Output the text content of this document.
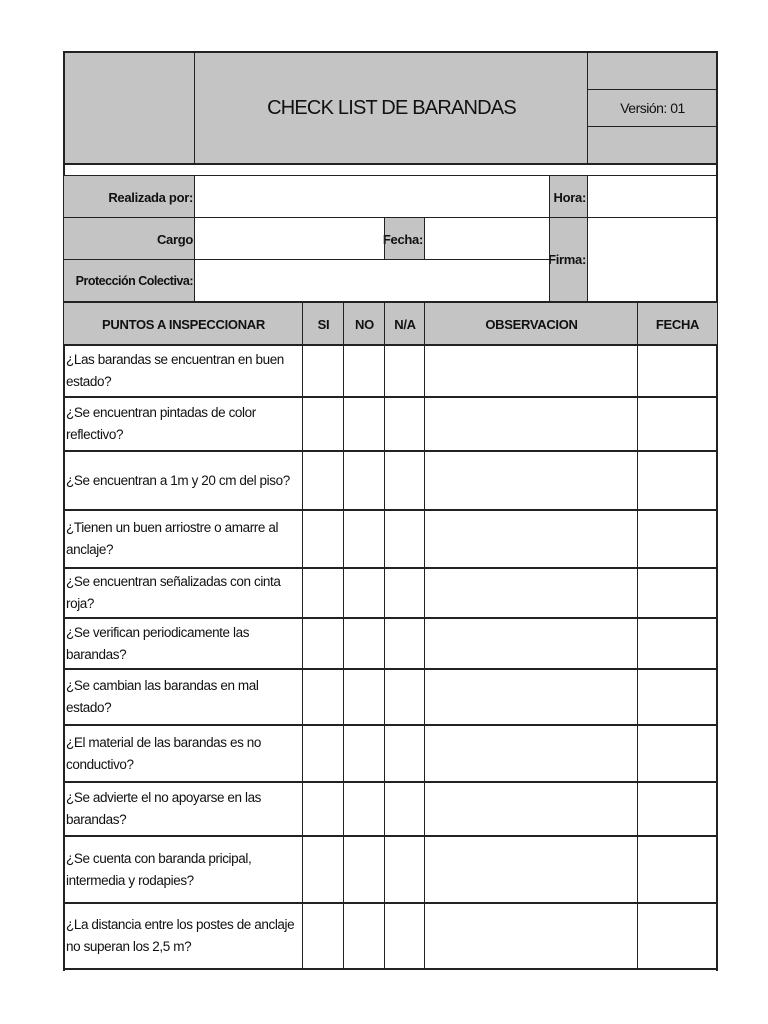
CHECK LIST DE BARANDAS	Versión: 01
Realizada por:	Hora:
Cargo	Fecha:
Firma:
Protección Colectiva:
PUNTOS A INSPECCIONAR	SI	NO	N/A	OBSERVACION	FECHA
¿Las barandas se encuentran en buen estado?
¿Se encuentran pintadas de color reflectivo?
¿Se encuentran a 1m y 20 cm del piso?
¿Tienen un buen arriostre o amarre al anclaje?
¿Se encuentran señalizadas con cinta roja?
¿Se verifican periodicamente las barandas?
¿Se cambian las barandas en mal estado?
¿El material de las barandas es no conductivo?
¿Se advierte el no apoyarse en las barandas?
¿Se cuenta con baranda pricipal, intermedia y rodapies?
¿La distancia entre los postes de anclaje no superan los 2,5 m?
